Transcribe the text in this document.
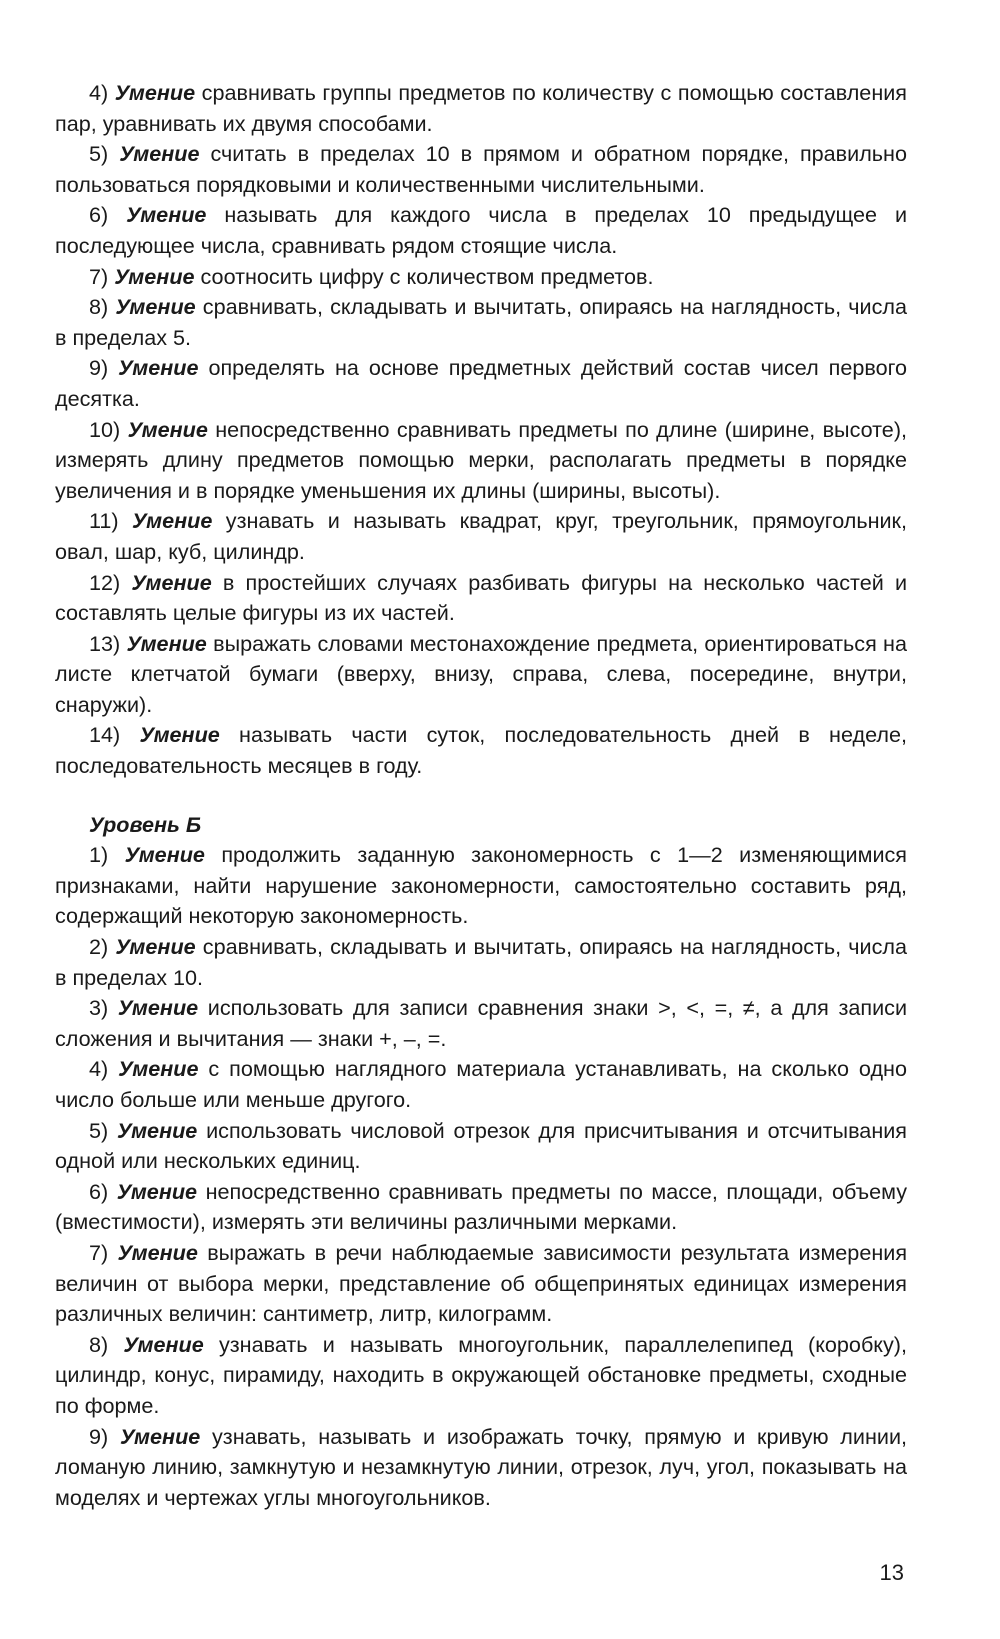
4) Умение сравнивать группы предметов по количеству с помощью составления пар, уравнивать их двумя способами.

5) Умение считать в пределах 10 в прямом и обратном порядке, правильно пользоваться порядковыми и количественными числительными.

6) Умение называть для каждого числа в пределах 10 предыдущее и последующее числа, сравнивать рядом стоящие числа.

7) Умение соотносить цифру с количеством предметов.

8) Умение сравнивать, складывать и вычитать, опираясь на наглядность, числа в пределах 5.

9) Умение определять на основе предметных действий состав чисел первого десятка.

10) Умение непосредственно сравнивать предметы по длине (ширине, высоте), измерять длину предметов помощью мерки, располагать предметы в порядке увеличения и в порядке уменьшения их длины (ширины, высоты).

11) Умение узнавать и называть квадрат, круг, треугольник, прямоугольник, овал, шар, куб, цилиндр.

12) Умение в простейших случаях разбивать фигуры на несколько частей и составлять целые фигуры из их частей.

13) Умение выражать словами местонахождение предмета, ориентироваться на листе клетчатой бумаги (вверху, внизу, справа, слева, посередине, внутри, снаружи).

14) Умение называть части суток, последовательность дней в неделе, последовательность месяцев в году.

Уровень Б

1) Умение продолжить заданную закономерность с 1—2 изменяющимися признаками, найти нарушение закономерности, самостоятельно составить ряд, содержащий некоторую закономерность.

2) Умение сравнивать, складывать и вычитать, опираясь на наглядность, числа в пределах 10.

3) Умение использовать для записи сравнения знаки >, <, =, ≠, а для записи сложения и вычитания — знаки +, –, =.

4) Умение с помощью наглядного материала устанавливать, на сколько одно число больше или меньше другого.

5) Умение использовать числовой отрезок для присчитывания и отсчитывания одной или нескольких единиц.

6) Умение непосредственно сравнивать предметы по массе, площади, объему (вместимости), измерять эти величины различными мерками.

7) Умение выражать в речи наблюдаемые зависимости результата измерения величин от выбора мерки, представление об общепринятых единицах измерения различных величин: сантиметр, литр, килограмм.

8) Умение узнавать и называть многоугольник, параллелепипед (коробку), цилиндр, конус, пирамиду, находить в окружающей обстановке предметы, сходные по форме.

9) Умение узнавать, называть и изображать точку, прямую и кривую линии, ломаную линию, замкнутую и незамкнутую линии, отрезок, луч, угол, показывать на моделях и чертежах углы многоугольников.

13
